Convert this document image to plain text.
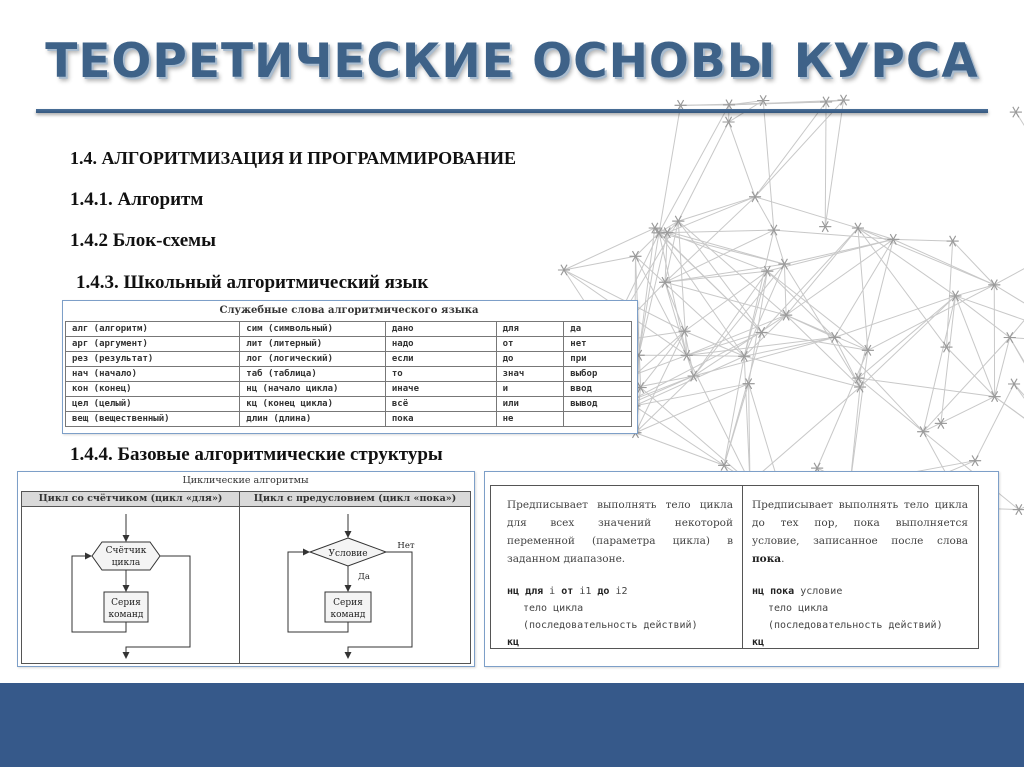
ТЕОРЕТИЧЕСКИЕ ОСНОВЫ КУРСА
1.4. АЛГОРИТМИЗАЦИЯ И ПРОГРАММИРОВАНИЕ
1.4.1. Алгоритм
1.4.2 Блок-схемы
1.4.3. Школьный алгоритмический язык
Служебные слова алгоритмического языка
алг (алгоритм)	сим (символьный)	дано	для	да
арг (аргумент)	лит (литерный)	надо	от	нет
рез (результат)	лог (логический)	если	до	при
нач (начало)	таб (таблица)	то	знач	выбор
кон (конец)	нц (начало цикла)	иначе	и	ввод
цел (целый)	кц (конец цикла)	всё	или	вывод
вещ (вещественный)	длин (длина)	пока	не	
1.4.4. Базовые алгоритмические структуры
Циклические алгоритмы
Цикл со счётчиком (цикл «для»)	Цикл с предусловием (цикл «пока»)
Счётчик
цикла
Серия
команд
Условие
Нет
Да
Серия
команд
Предписывает выполнять тело цикла для всех значений некоторой переменной (параметра цикла) в заданном диапазоне.
Предписывает выполнять тело цикла до тех пор, пока выполняется условие, записанное после слова пока.
нц для i от i1 до i2
тело цикла
(последовательность действий)
кц
нц пока условие
тело цикла
(последовательность действий)
кц
